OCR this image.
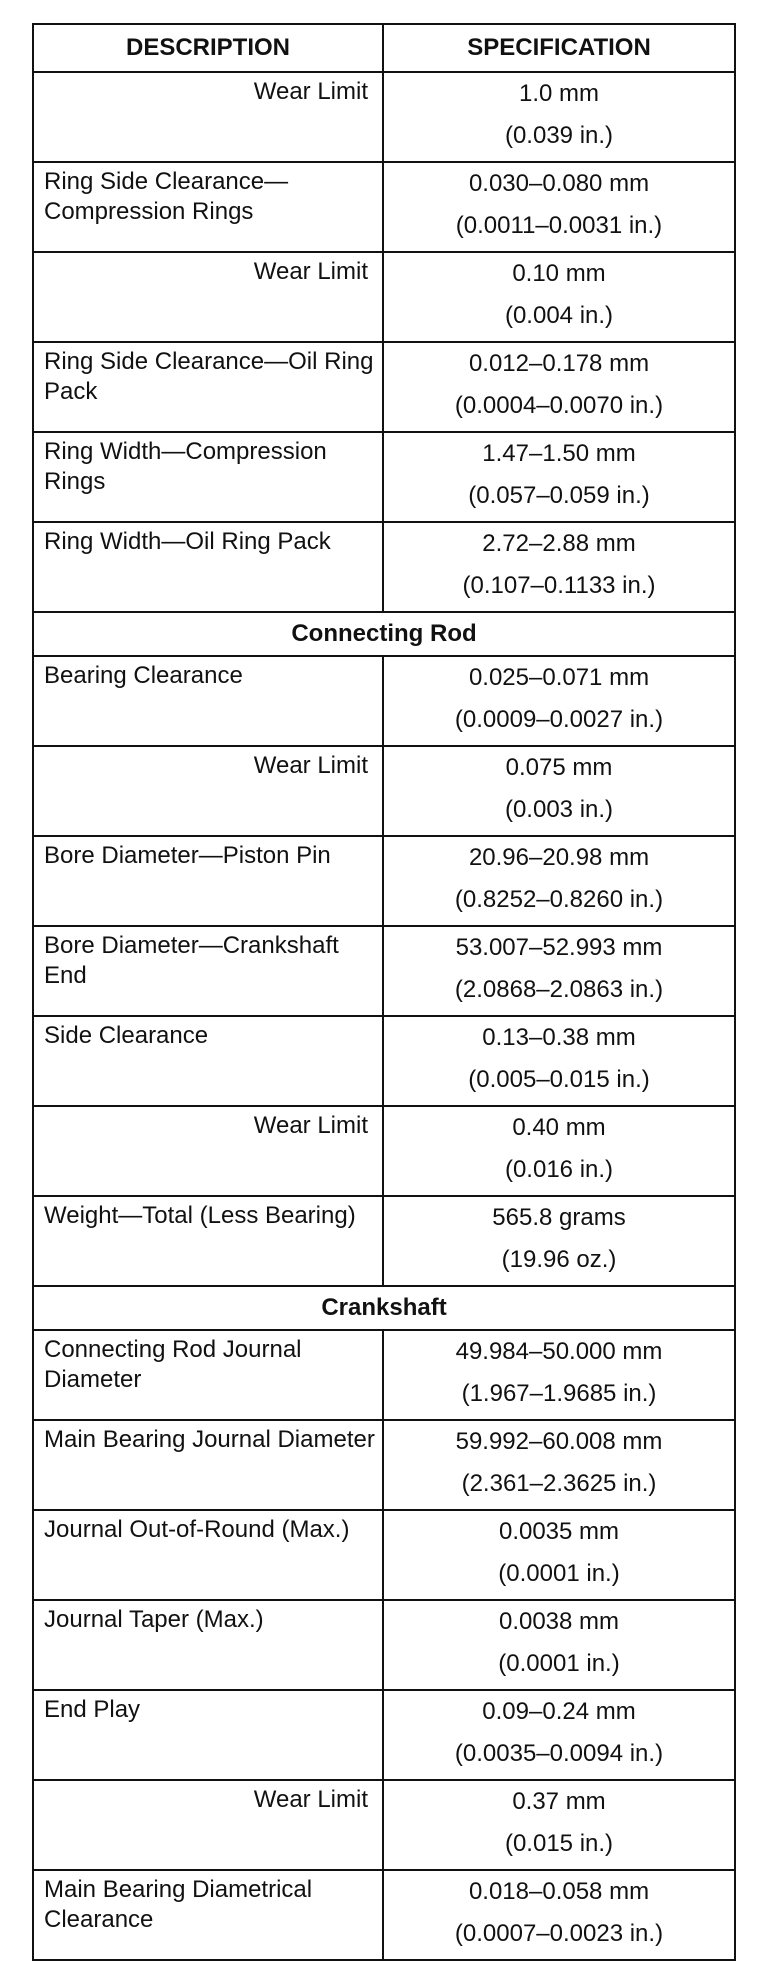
DESCRIPTION	SPECIFICATION
Wear Limit	1.0 mm
(0.039 in.)

Ring Side Clearance—Compression Rings	0.030–0.080 mm
(0.0011–0.0031 in.)

Wear Limit	0.10 mm
(0.004 in.)

Ring Side Clearance—Oil Ring Pack	0.012–0.178 mm
(0.0004–0.0070 in.)

Ring Width—Compression Rings	1.47–1.50 mm
(0.057–0.059 in.)

Ring Width—Oil Ring Pack	2.72–2.88 mm
(0.107–0.1133 in.)

Connecting Rod	
Bearing Clearance	0.025–0.071 mm
(0.0009–0.0027 in.)

Wear Limit	0.075 mm
(0.003 in.)

Bore Diameter—Piston Pin	20.96–20.98 mm
(0.8252–0.8260 in.)

Bore Diameter—Crankshaft End	53.007–52.993 mm
(2.0868–2.0863 in.)

Side Clearance	0.13–0.38 mm
(0.005–0.015 in.)

Wear Limit	0.40 mm
(0.016 in.)

Weight—Total (Less Bearing)	565.8 grams
(19.96 oz.)

Crankshaft	
Connecting Rod Journal Diameter	49.984–50.000 mm
(1.967–1.9685 in.)

Main Bearing Journal Diameter	59.992–60.008 mm
(2.361–2.3625 in.)

Journal Out-of-Round (Max.)	0.0035 mm
(0.0001 in.)

Journal Taper (Max.)	0.0038 mm
(0.0001 in.)

End Play	0.09–0.24 mm
(0.0035–0.0094 in.)

Wear Limit	0.37 mm
(0.015 in.)

Main Bearing Diametrical Clearance	0.018–0.058 mm
(0.0007–0.0023 in.)
